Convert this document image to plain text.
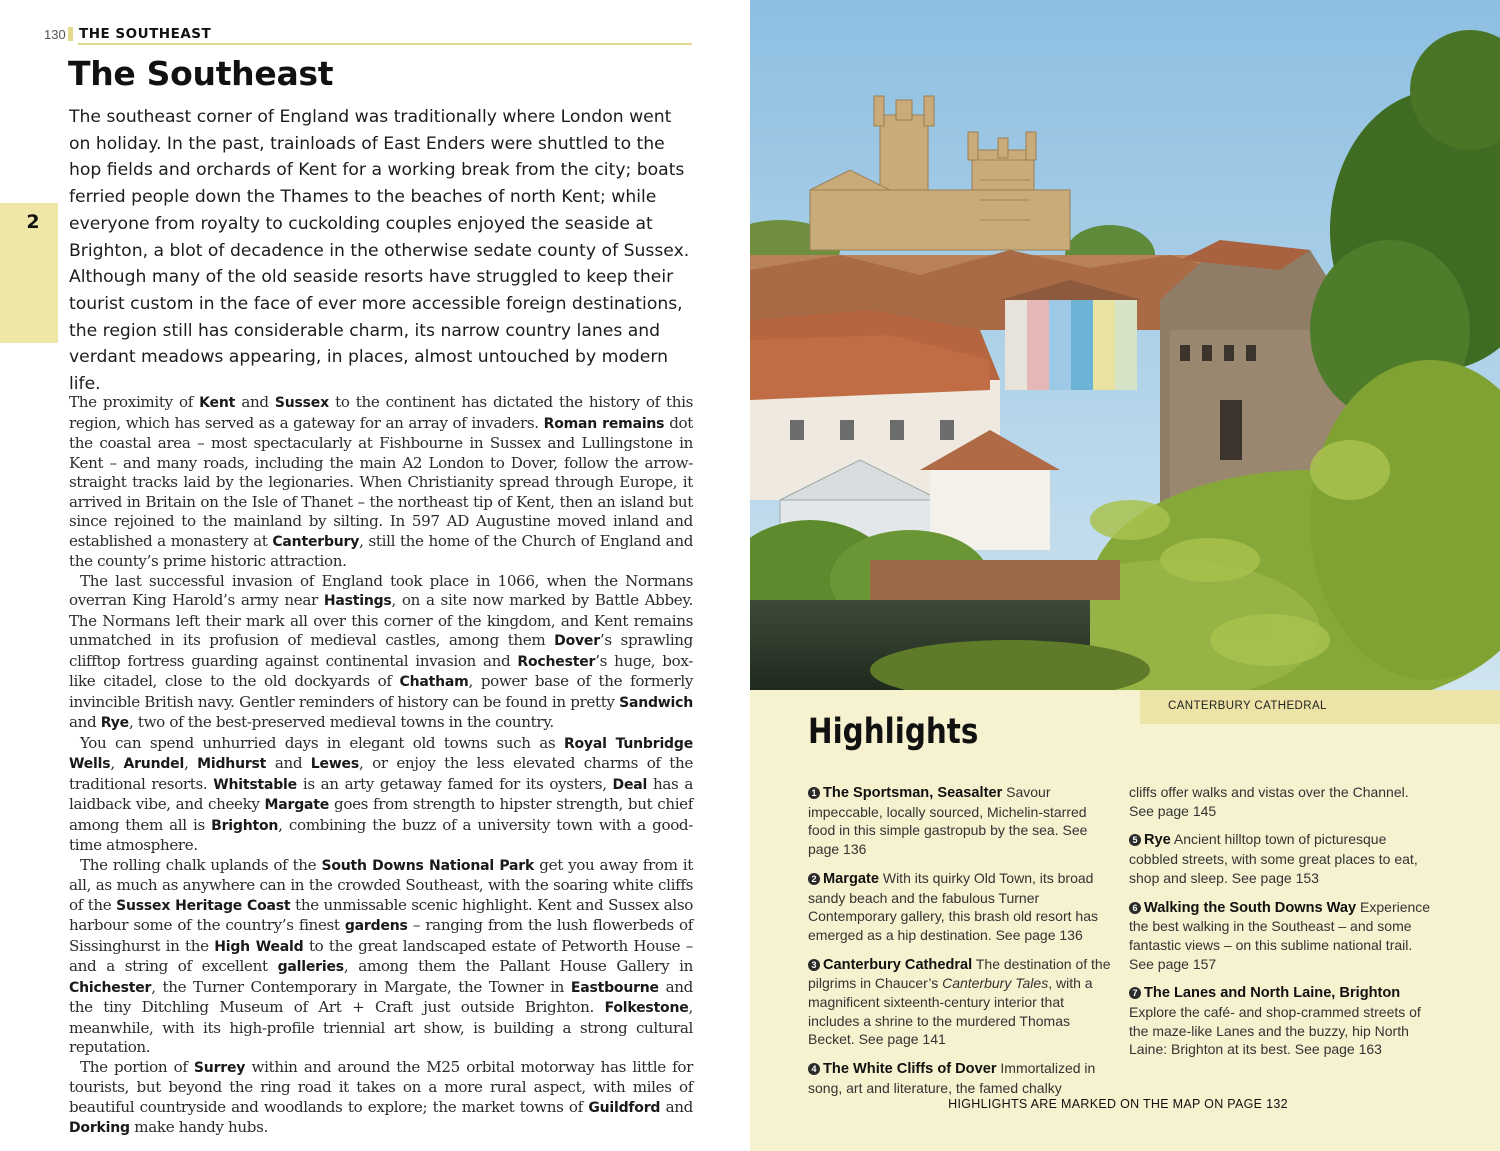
130 THE SOUTHEAST
2
The Southeast

The southeast corner of England was traditionally where London went on holiday. In the past, trainloads of East Enders were shuttled to the hop fields and orchards of Kent for a working break from the city; boats ferried people down the Thames to the beaches of north Kent; while everyone from royalty to cuckolding couples enjoyed the seaside at Brighton, a blot of decadence in the otherwise sedate county of Sussex. Although many of the old seaside resorts have struggled to keep their tourist custom in the face of ever more accessible foreign destinations, the region still has considerable charm, its narrow country lanes and verdant meadows appearing, in places, almost untouched by modern life.

The proximity of Kent and Sussex to the continent has dictated the history of this region, which has served as a gateway for an array of invaders. Roman remains dot the coastal area – most spectacularly at Fishbourne in Sussex and Lullingstone in Kent – and many roads, including the main A2 London to Dover, follow the arrow-straight tracks laid by the legionaries. When Christianity spread through Europe, it arrived in Britain on the Isle of Thanet – the northeast tip of Kent, then an island but since rejoined to the mainland by silting. In 597 AD Augustine moved inland and established a monastery at Canterbury, still the home of the Church of England and the county’s prime historic attraction.

The last successful invasion of England took place in 1066, when the Normans overran King Harold’s army near Hastings, on a site now marked by Battle Abbey. The Normans left their mark all over this corner of the kingdom, and Kent remains unmatched in its profusion of medieval castles, among them Dover’s sprawling clifftop fortress guarding against continental invasion and Rochester’s huge, box-like citadel, close to the old dockyards of Chatham, power base of the formerly invincible British navy. Gentler reminders of history can be found in pretty Sandwich and Rye, two of the best-preserved medieval towns in the country.

You can spend unhurried days in elegant old towns such as Royal Tunbridge Wells, Arundel, Midhurst and Lewes, or enjoy the less elevated charms of the traditional resorts. Whitstable is an arty getaway famed for its oysters, Deal has a laidback vibe, and cheeky Margate goes from strength to hipster strength, but chief among them all is Brighton, combining the buzz of a university town with a good-time atmosphere.

The rolling chalk uplands of the South Downs National Park get you away from it all, as much as anywhere can in the crowded Southeast, with the soaring white cliffs of the Sussex Heritage Coast the unmissable scenic highlight. Kent and Sussex also harbour some of the country’s finest gardens – ranging from the lush flowerbeds of Sissinghurst in the High Weald to the great landscaped estate of Petworth House – and a string of excellent galleries, among them the Pallant House Gallery in Chichester, the Turner Contemporary in Margate, the Towner in Eastbourne and the tiny Ditchling Museum of Art + Craft just outside Brighton. Folkestone, meanwhile, with its high-profile triennial art show, is building a strong cultural reputation.

The portion of Surrey within and around the M25 orbital motorway has little for tourists, but beyond the ring road it takes on a more rural aspect, with miles of beautiful countryside and woodlands to explore; the market towns of Guildford and Dorking make handy hubs.

CANTERBURY CATHEDRAL
Highlights
1 The Sportsman, Seasalter Savour impeccable, locally sourced, Michelin-starred food in this simple gastropub by the sea. See page 136
2 Margate With its quirky Old Town, its broad sandy beach and the fabulous Turner Contemporary gallery, this brash old resort has emerged as a hip destination. See page 136
3 Canterbury Cathedral The destination of the pilgrims in Chaucer’s Canterbury Tales, with a magnificent sixteenth-century interior that includes a shrine to the murdered Thomas Becket. See page 141
4 The White Cliffs of Dover Immortalized in song, art and literature, the famed chalky
cliffs offer walks and vistas over the Channel. See page 145
5 Rye Ancient hilltop town of picturesque cobbled streets, with some great places to eat, shop and sleep. See page 153
6 Walking the South Downs Way Experience the best walking in the Southeast – and some fantastic views – on this sublime national trail. See page 157
7 The Lanes and North Laine, Brighton
Explore the café- and shop-crammed streets of the maze-like Lanes and the buzzy, hip North Laine: Brighton at its best. See page 163
HIGHLIGHTS ARE MARKED ON THE MAP ON PAGE 132
